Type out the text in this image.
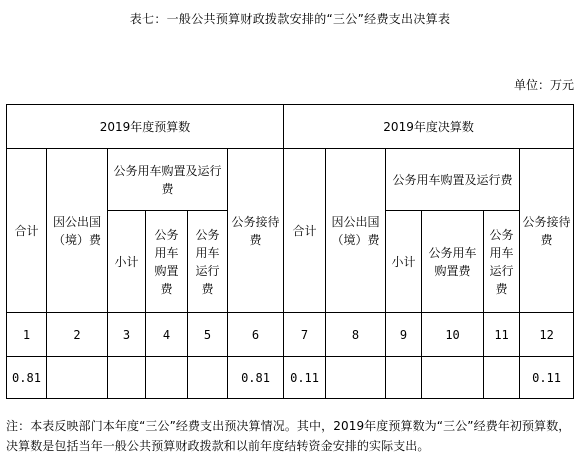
表七：一般公共预算财政拨款安排的“三公”经费支出决算表
单位：万元
2019年度预算数						2019年度决算数					
合计	因公出国（境）费	公务用车购置及运行费			公务接待费	合计	因公出国（境）费	公务用车购置及运行费			公务接待费
		小计	公务用车购置费	公务用车运行费				小计	公务用车购置费	公务用车运行费	
1	2	3	4	5	6	7	8	9	10	11	12
0.81					0.81	0.11					0.11
注：本表反映部门本年度“三公”经费支出预决算情况。其中，2019年度预算数为“三公”经费年初预算数，决算数是包括当年一般公共预算财政拨款和以前年度结转资金安排的实际支出。
